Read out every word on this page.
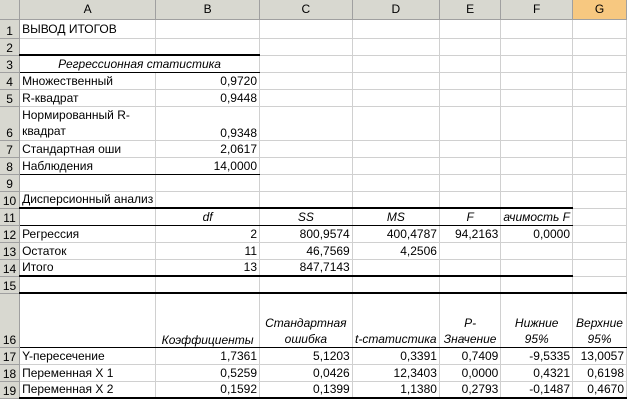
	A	B	C	D	E	F	G
1	ВЫВОД ИТОГОВ						
2							
3	Регрессионная статистика						
4	Множественный	0,9720					
5	R-квадрат	0,9448					
6	Нормированный R-квадрат	0,9348					
7	Стандартная оши	2,0617					
8	Наблюдения	14,0000					
9							
10	Дисперсионный анализ						
11		df	SS	MS	F	ачимость F	
12	Регрессия	2	800,9574	400,4787	94,2163	0,0000	
13	Остаток	11	46,7569	4,2506			
14	Итого	13	847,7143				
15							
16		Коэффициенты	Стандартная ошибка	t-статистика	P-Значение	Нижние 95%	Верхние 95%
17	Y-пересечение	1,7361	5,1203	0,3391	0,7409	-9,5335	13,0057
18	Переменная X 1	0,5259	0,0426	12,3403	0,0000	0,4321	0,6198
19	Переменная X 2	0,1592	0,1399	1,1380	0,2793	-0,1487	0,4670
